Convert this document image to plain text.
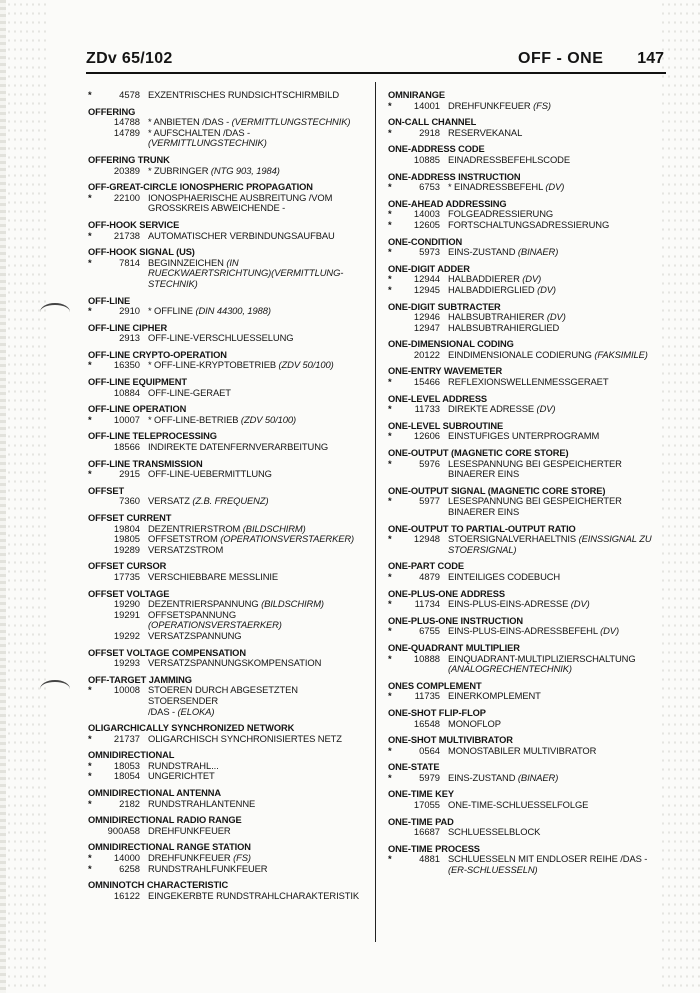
ZDv 65/102	OFF - ONE 147
*	4578 EXZENTRISCHES RUNDSICHTSCHIRMBILD
OFFERING
14788 * ANBIETEN /DAS - (VERMITTLUNGSTECHNIK)
14789 * AUFSCHALTEN /DAS -
(VERMITTLUNGSTECHNIK)
OFFERING TRUNK
20389 * ZUBRINGER (NTG 903, 1984)
OFF-GREAT-CIRCLE IONOSPHERIC PROPAGATION
*	22100 IONOSPHAERISCHE AUSBREITUNG /VOM
GROSSKREIS ABWEICHENDE -
OFF-HOOK SERVICE
*	21738 AUTOMATISCHER VERBINDUNGSAUFBAU
OFF-HOOK SIGNAL (US)
*	7814 BEGINNZEICHEN (IN
RUECKWAERTSRICHTUNG)(VERMITTLUNG-
STECHNIK)
OFF-LINE
*	2910 * OFFLINE (DIN 44300, 1988)
OFF-LINE CIPHER
2913 OFF-LINE-VERSCHLUESSELUNG
OFF-LINE CRYPTO-OPERATION
*	16350 * OFF-LINE-KRYPTOBETRIEB (ZDV 50/100)
OFF-LINE EQUIPMENT
10884 OFF-LINE-GERAET
OFF-LINE OPERATION
*	10007 * OFF-LINE-BETRIEB (ZDV 50/100)
OFF-LINE TELEPROCESSING
18566 INDIREKTE DATENFERNVERARBEITUNG
OFF-LINE TRANSMISSION
*	2915 OFF-LINE-UEBERMITTLUNG
OFFSET
7360 VERSATZ (Z.B. FREQUENZ)
OFFSET CURRENT
19804 DEZENTRIERSTROM (BILDSCHIRM)
19805 OFFSETSTROM (OPERATIONSVERSTAERKER)
19289 VERSATZSTROM
OFFSET CURSOR
17735 VERSCHIEBBARE MESSLINIE
OFFSET VOLTAGE
19290 DEZENTRIERSPANNUNG (BILDSCHIRM)
19291 OFFSETSPANNUNG
(OPERATIONSVERSTAERKER)
19292 VERSATZSPANNUNG
OFFSET VOLTAGE COMPENSATION
19293 VERSATZSPANNUNGSKOMPENSATION
OFF-TARGET JAMMING
*	10008 STOEREN DURCH ABGESETZTEN STOERSENDER
/DAS - (ELOKA)
OLIGARCHICALLY SYNCHRONIZED NETWORK
*	21737 OLIGARCHISCH SYNCHRONISIERTES NETZ
OMNIDIRECTIONAL
*	18053 RUNDSTRAHL...
*	18054 UNGERICHTET
OMNIDIRECTIONAL ANTENNA
*	2182 RUNDSTRAHLANTENNE
OMNIDIRECTIONAL RADIO RANGE
900A58 DREHFUNKFEUER
OMNIDIRECTIONAL RANGE STATION
*	14000 DREHFUNKFEUER (FS)
*	6258 RUNDSTRAHLFUNKFEUER
OMNINOTCH CHARACTERISTIC
16122 EINGEKERBTE RUNDSTRAHLCHARAKTERISTIK
OMNIRANGE
*	14001 DREHFUNKFEUER (FS)
ON-CALL CHANNEL
*	2918 RESERVEKANAL
ONE-ADDRESS CODE
10885 EINADRESSBEFEHLSCODE
ONE-ADDRESS INSTRUCTION
*	6753 * EINADRESSBEFEHL (DV)
ONE-AHEAD ADDRESSING
*	14003 FOLGEADRESSIERUNG
*	12605 FORTSCHALTUNGSADRESSIERUNG
ONE-CONDITION
*	5973 EINS-ZUSTAND (BINAER)
ONE-DIGIT ADDER
*	12944 HALBADDIERER (DV)
*	12945 HALBADDIERGLIED (DV)
ONE-DIGIT SUBTRACTER
12946 HALBSUBTRAHIERER (DV)
12947 HALBSUBTRAHIERGLIED
ONE-DIMENSIONAL CODING
20122 EINDIMENSIONALE CODIERUNG (FAKSIMILE)
ONE-ENTRY WAVEMETER
*	15466 REFLEXIONSWELLENMESSGERAET
ONE-LEVEL ADDRESS
*	11733 DIREKTE ADRESSE (DV)
ONE-LEVEL SUBROUTINE
*	12606 EINSTUFIGES UNTERPROGRAMM
ONE-OUTPUT (MAGNETIC CORE STORE)
*	5976 LESESPANNUNG BEI GESPEICHERTER
BINAERER EINS
ONE-OUTPUT SIGNAL (MAGNETIC CORE STORE)
*	5977 LESESPANNUNG BEI GESPEICHERTER
BINAERER EINS
ONE-OUTPUT TO PARTIAL-OUTPUT RATIO
*	12948 STOERSIGNALVERHAELTNIS (EINSSIGNAL ZU
STOERSIGNAL)
ONE-PART CODE
*	4879 EINTEILIGES CODEBUCH
ONE-PLUS-ONE ADDRESS
*	11734 EINS-PLUS-EINS-ADRESSE (DV)
ONE-PLUS-ONE INSTRUCTION
*	6755 EINS-PLUS-EINS-ADRESSBEFEHL (DV)
ONE-QUADRANT MULTIPLIER
*	10888 EINQUADRANT-MULTIPLIZIERSCHALTUNG
(ANALOGRECHENTECHNIK)
ONES COMPLEMENT
*	11735 EINERKOMPLEMENT
ONE-SHOT FLIP-FLOP
16548 MONOFLOP
ONE-SHOT MULTIVIBRATOR
*	0564 MONOSTABILER MULTIVIBRATOR
ONE-STATE
*	5979 EINS-ZUSTAND (BINAER)
ONE-TIME KEY
17055 ONE-TIME-SCHLUESSELFOLGE
ONE-TIME PAD
16687 SCHLUESSELBLOCK
ONE-TIME PROCESS
*	4881 SCHLUESSELN MIT ENDLOSER REIHE /DAS -
(ER-SCHLUESSELN)
